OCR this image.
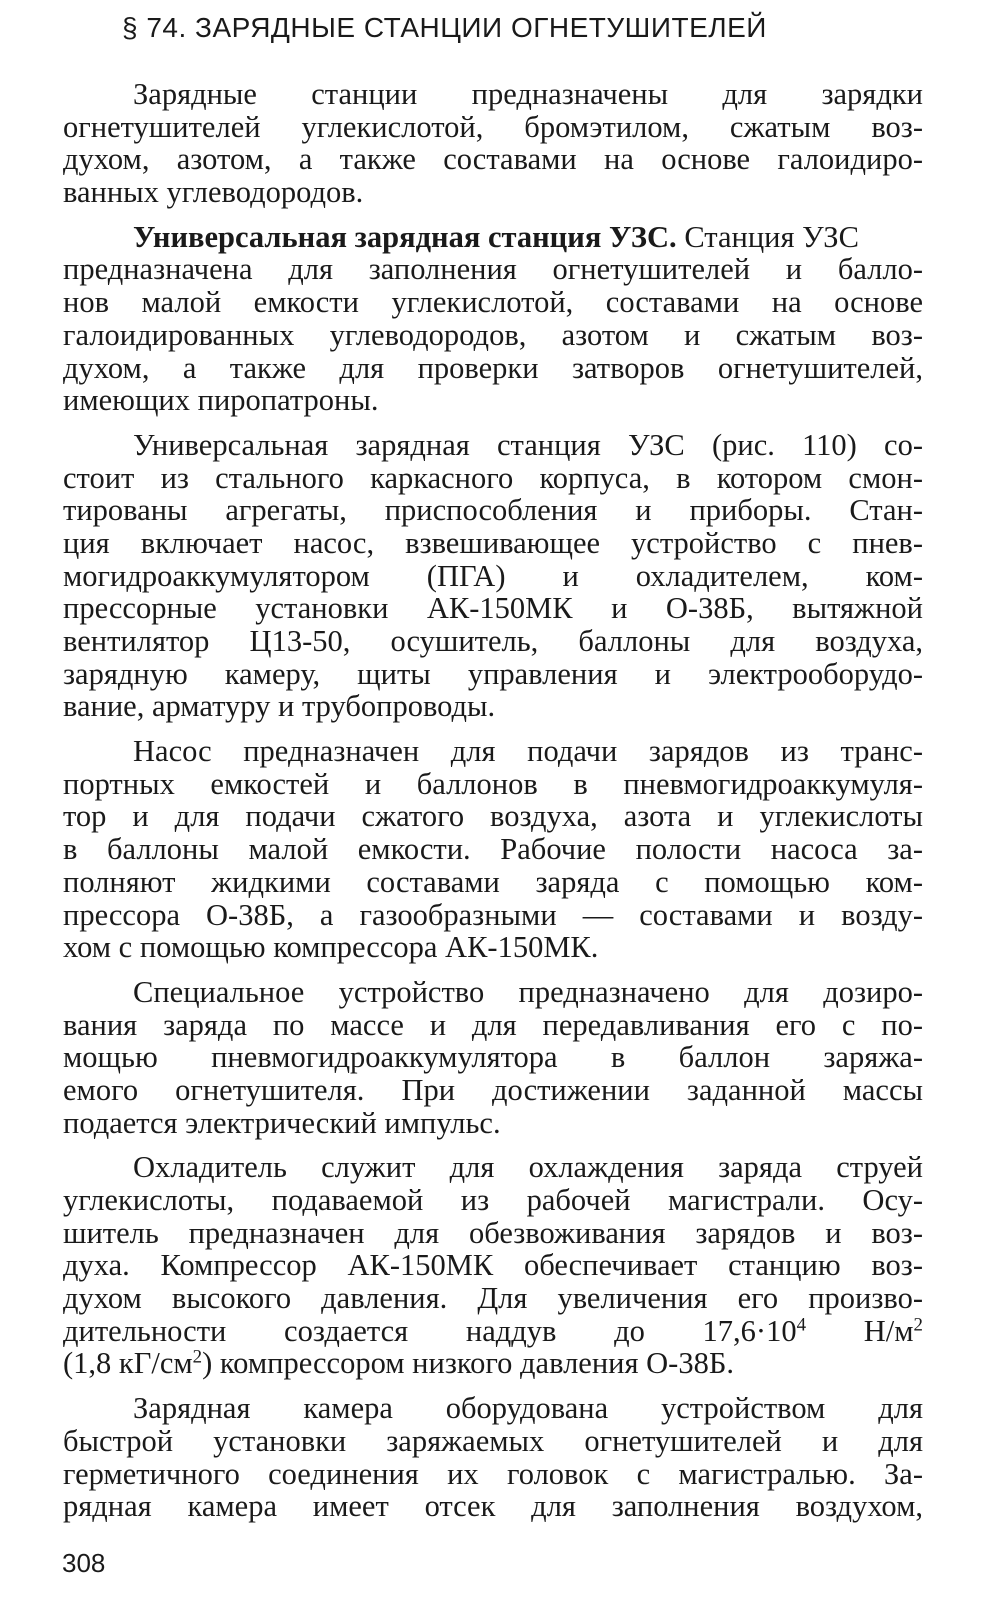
§ 74. ЗАРЯДНЫЕ СТАНЦИИ ОГНЕТУШИТЕЛЕЙ
Зарядные станции предназначены для зарядки
огнетушителей углекислотой, бромэтилом, сжатым воз-
духом, азотом, а также составами на основе галоидиро-
ванных углеводородов.
Универсальная зарядная станция УЗС. Станция УЗС
предназначена для заполнения огнетушителей и балло-
нов малой емкости углекислотой, составами на основе
галоидированных углеводородов, азотом и сжатым воз-
духом, а также для проверки затворов огнетушителей,
имеющих пиропатроны.
Универсальная зарядная станция УЗС (рис. 110) со-
стоит из стального каркасного корпуса, в котором смон-
тированы агрегаты, приспособления и приборы. Стан-
ция включает насос, взвешивающее устройство с пнев-
могидроаккумулятором (ПГА) и охладителем, ком-
прессорные установки АК-150МК и О-38Б, вытяжной
вентилятор Ц13-50, осушитель, баллоны для воздуха,
зарядную камеру, щиты управления и электрооборудо-
вание, арматуру и трубопроводы.
Насос предназначен для подачи зарядов из транс-
портных емкостей и баллонов в пневмогидроаккумуля-
тор и для подачи сжатого воздуха, азота и углекислоты
в баллоны малой емкости. Рабочие полости насоса за-
полняют жидкими составами заряда с помощью ком-
прессора О-38Б, а газообразными — составами и возду-
хом с помощью компрессора АК-150МК.
Специальное устройство предназначено для дозиро-
вания заряда по массе и для передавливания его с по-
мощью пневмогидроаккумулятора в баллон заряжа-
емого огнетушителя. При достижении заданной массы
подается электрический импульс.
Охладитель служит для охлаждения заряда струей
углекислоты, подаваемой из рабочей магистрали. Осу-
шитель предназначен для обезвоживания зарядов и воз-
духа. Компрессор АК-150МК обеспечивает станцию воз-
духом высокого давления. Для увеличения его произво-
дительности создается наддув до $17,6\cdot 10^4$ $Н/м^2$
(1,8 $кГ/см^2$) компрессором низкого давления О-38Б.
Зарядная камера оборудована устройством для
быстрой установки заряжаемых огнетушителей и для
герметичного соединения их головок с магистралью. За-
рядная камера имеет отсек для заполнения воздухом,
308
